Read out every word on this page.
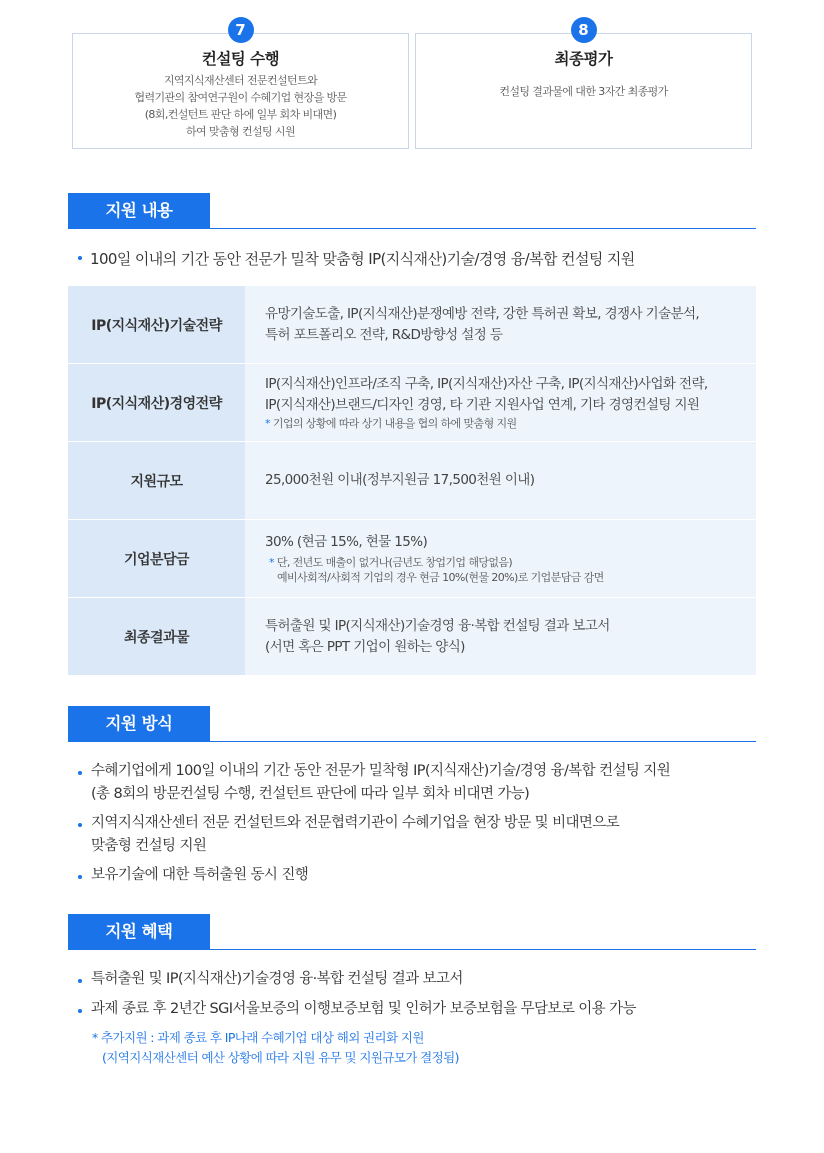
7
컨설팅 수행
지역지식재산센터 전문컨설턴트와
협력기관의 참여연구원이 수혜기업 현장을 방문
(8회,컨설턴트 판단 하에 일부 회차 비대면)
하여 맞춤형 컨설팅 시원
8
최종평가
컨설팅 결과물에 대한 3자간 최종평가
지원 내용
100일 이내의 기간 동안 전문가 밀착 맞춤형 IP(지식재산)기술/경영 융/복합 컨설팅 지원
IP(지식재산)기술전략
유망기술도출, IP(지식재산)분쟁예방 전략, 강한 특허권 확보, 경쟁사 기술분석,
특허 포트폴리오 전략, R&D방향성 설정 등
IP(지식재산)경영전략
IP(지식재산)인프라/조직 구축, IP(지식재산)자산 구축, IP(지식재산)사업화 전략,
IP(지식재산)브랜드/디자인 경영, 타 기관 지원사업 연계, 기타 경영컨설팅 지원
* 기업의 상황에 따라 상기 내용을 협의 하에 맞춤형 지원
지원규모	25,000천원 이내(정부지원금 17,500천원 이내)
기업분담금
30% (현금 15%, 현물 15%)
* 단, 전년도 매출이 없거나(금년도 창업기업 해당없음)
예비사회적/사회적 기업의 경우 현금 10%(현물 20%)로 기업분담금 감면
최종결과물
특허출원 및 IP(지식재산)기술경영 융·복합 컨설팅 결과 보고서
(서면 혹은 PPT 기업이 원하는 양식)
지원 방식
수혜기업에게 100일 이내의 기간 동안 전문가 밀착형 IP(지식재산)기술/경영 융/복합 컨설팅 지원
(총 8회의 방문컨설팅 수행, 컨설턴트 판단에 따라 일부 회차 비대면 가능)
지역지식재산센터 전문 컨설턴트와 전문협력기관이 수혜기업을 현장 방문 및 비대면으로
맞춤형 컨설팅 지원
보유기술에 대한 특허출원 동시 진행
지원 혜택
특허출원 및 IP(지식재산)기술경영 융·복합 컨설팅 결과 보고서
과제 종료 후 2년간 SGI서울보증의 이행보증보험 및 인허가 보증보험을 무담보로 이용 가능
* 추가지원 : 과제 종료 후 IP나래 수혜기업 대상 해외 권리화 지원
(지역지식재산센터 예산 상황에 따라 지원 유무 및 지원규모가 결정됨)
